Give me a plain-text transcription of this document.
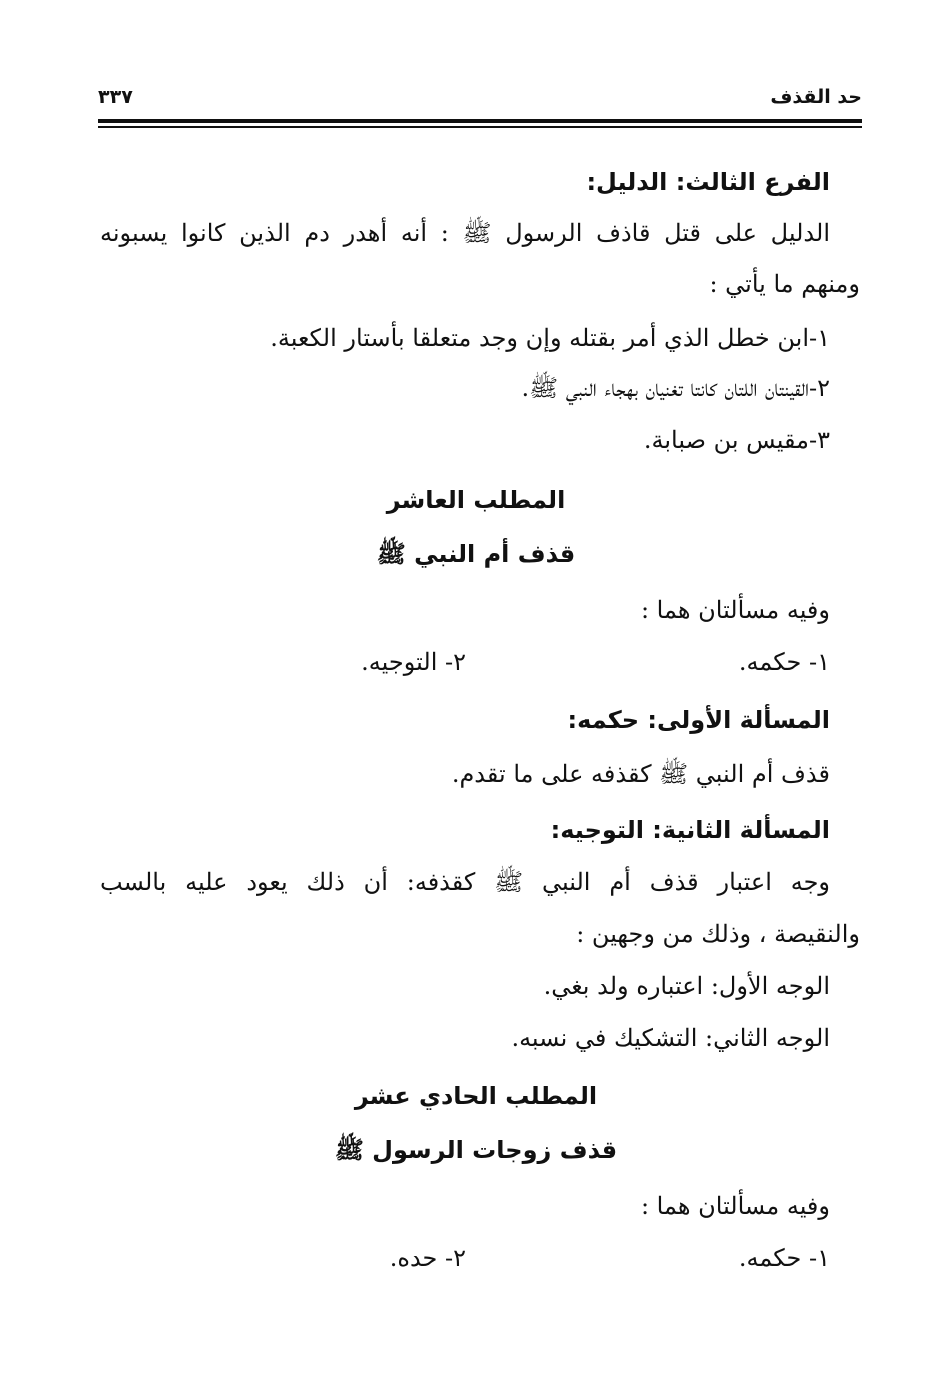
حد القذف
٣٣٧
الفرع الثالث: الدليل:
الدليل على قتل قاذف الرسول ﷺ : أنه أهدر دم الذين كانوا يسبونه
ومنهم ما يأتي :
١-ابن خطل الذي أمر بقتله وإن وجد متعلقا بأستار الكعبة.
٢-القينتان اللتان كانتا تغنيان بهجاء النبي ﷺ.
٣-مقيس بن صبابة.
المطلب العاشر
قذف أم النبي ﷺ
وفيه مسألتان هما :
١- حكمه.
٢- التوجيه.
المسألة الأولى: حكمه:
قذف أم النبي ﷺ كقذفه على ما تقدم.
المسألة الثانية: التوجيه:
وجه اعتبار قذف أم النبي ﷺ كقذفه: أن ذلك يعود عليه بالسب
والنقيصة ، وذلك من وجهين :
الوجه الأول: اعتباره ولد بغي.
الوجه الثاني: التشكيك في نسبه.
المطلب الحادي عشر
قذف زوجات الرسول ﷺ
وفيه مسألتان هما :
١- حكمه.
٢- حده.
